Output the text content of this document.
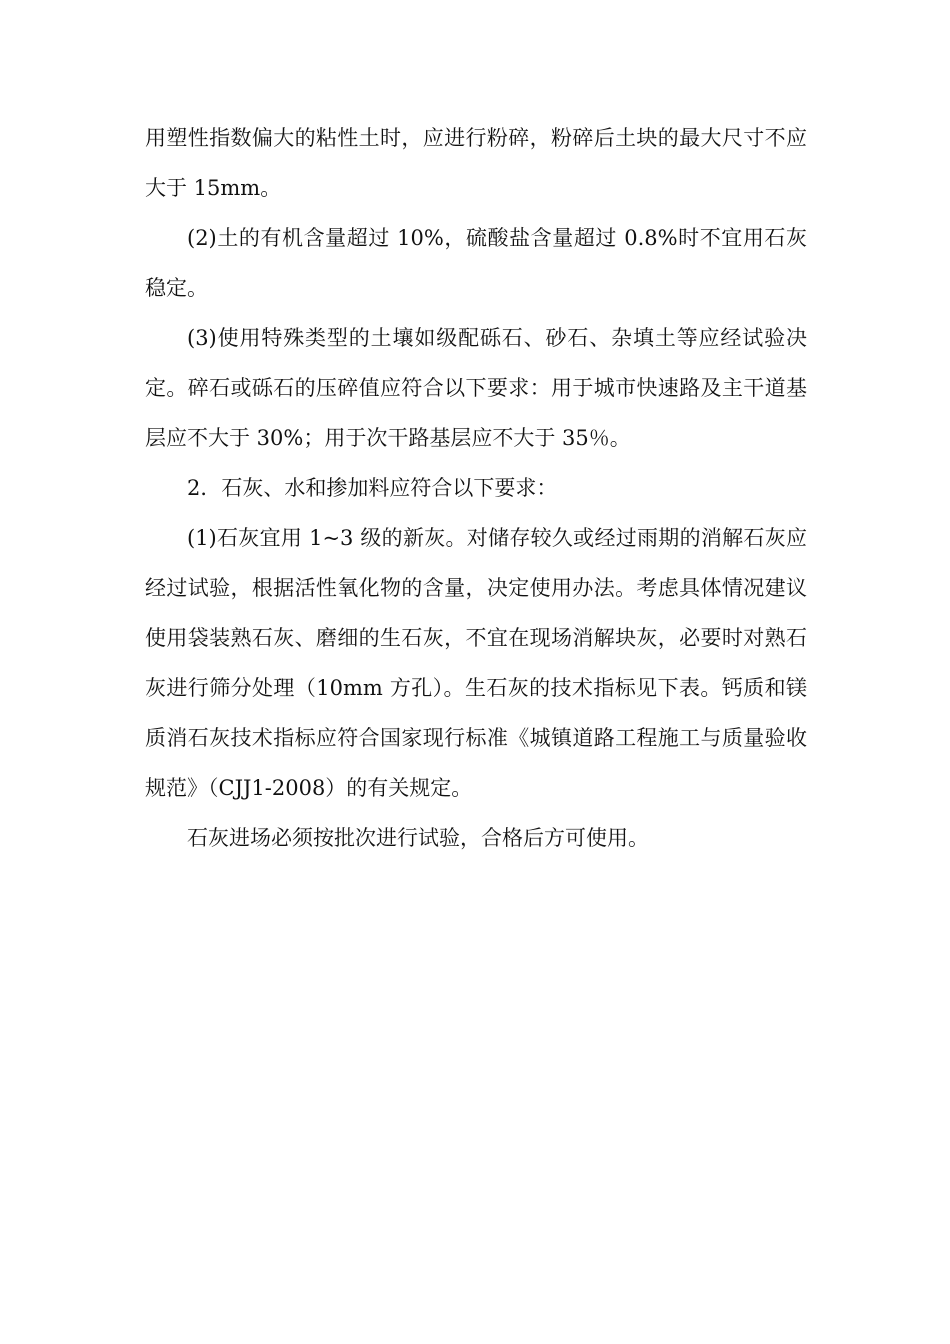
用塑性指数偏大的粘性土时，应进行粉碎，粉碎后土块的最大尺寸不应大于 15mm。

(2)土的有机含量超过 10%，硫酸盐含量超过 0.8%时不宜用石灰稳定。

(3)使用特殊类型的土壤如级配砾石、砂石、杂填土等应经试验决定。碎石或砾石的压碎值应符合以下要求：用于城市快速路及主干道基层应不大于 30%；用于次干路基层应不大于 35％。

2．石灰、水和掺加料应符合以下要求：

(1)石灰宜用 1~3 级的新灰。对储存较久或经过雨期的消解石灰应经过试验，根据活性氧化物的含量，决定使用办法。考虑具体情况建议使用袋装熟石灰、磨细的生石灰，不宜在现场消解块灰，必要时对熟石灰进行筛分处理（10mm 方孔）。生石灰的技术指标见下表。钙质和镁质消石灰技术指标应符合国家现行标准《城镇道路工程施工与质量验收规范》（CJJ1-2008）的有关规定。

石灰进场必须按批次进行试验，合格后方可使用。
